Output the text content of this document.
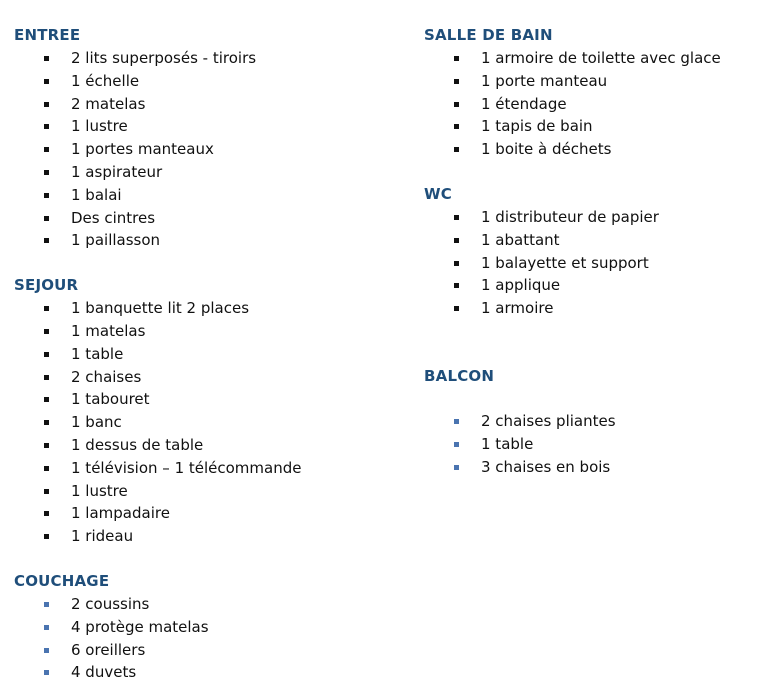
ENTREE
2 lits superposés - tiroirs
1 échelle
2 matelas
1 lustre
1 portes manteaux
1 aspirateur
1 balai
Des cintres
1 paillasson
SEJOUR
1 banquette lit 2 places
1 matelas
1 table
2 chaises
1 tabouret
1 banc
1 dessus de table
1 télévision – 1 télécommande
1 lustre
1 lampadaire
1 rideau
COUCHAGE
2 coussins
4 protège matelas
6 oreillers
4 duvets
SALLE DE BAIN
1 armoire de toilette avec glace
1 porte manteau
1 étendage
1 tapis de bain
1 boite à déchets
WC
1 distributeur de papier
1 abattant
1 balayette et support
1 applique
1 armoire
BALCON
2 chaises pliantes
1 table
3 chaises en bois
